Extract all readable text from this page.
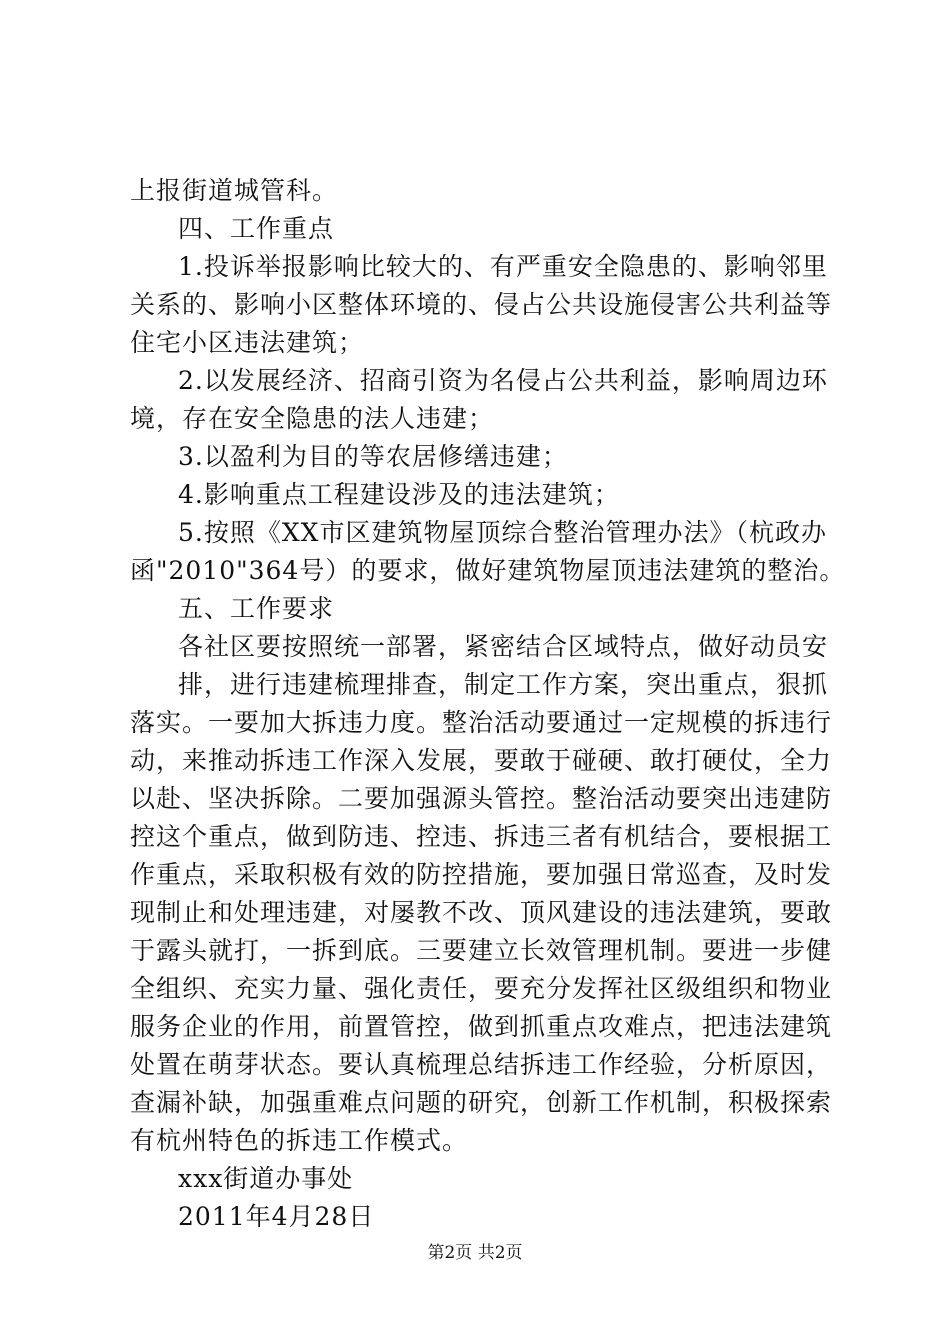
上报街道城管科。
四、工作重点
1.投诉举报影响比较大的、有严重安全隐患的、影响邻里
关系的、影响小区整体环境的、侵占公共设施侵害公共利益等
住宅小区违法建筑；
2.以发展经济、招商引资为名侵占公共利益，影响周边环
境，存在安全隐患的法人违建；
3.以盈利为目的等农居修缮违建；
4.影响重点工程建设涉及的违法建筑；
5.按照《XX市区建筑物屋顶综合整治管理办法》（杭政办
函"2010"364号）的要求，做好建筑物屋顶违法建筑的整治。
五、工作要求
各社区要按照统一部署，紧密结合区域特点，做好动员安
排，进行违建梳理排查，制定工作方案，突出重点，狠抓
落实。一要加大拆违力度。整治活动要通过一定规模的拆违行
动，来推动拆违工作深入发展，要敢于碰硬、敢打硬仗，全力
以赴、坚决拆除。二要加强源头管控。整治活动要突出违建防
控这个重点，做到防违、控违、拆违三者有机结合，要根据工
作重点，采取积极有效的防控措施，要加强日常巡查，及时发
现制止和处理违建，对屡教不改、顶风建设的违法建筑，要敢
于露头就打，一拆到底。三要建立长效管理机制。要进一步健
全组织、充实力量、强化责任，要充分发挥社区级组织和物业
服务企业的作用，前置管控，做到抓重点攻难点，把违法建筑
处置在萌芽状态。要认真梳理总结拆违工作经验，分析原因，
查漏补缺，加强重难点问题的研究，创新工作机制，积极探索
有杭州特色的拆违工作模式。
xxx街道办事处
2011年4月28日
第2页 共2页
